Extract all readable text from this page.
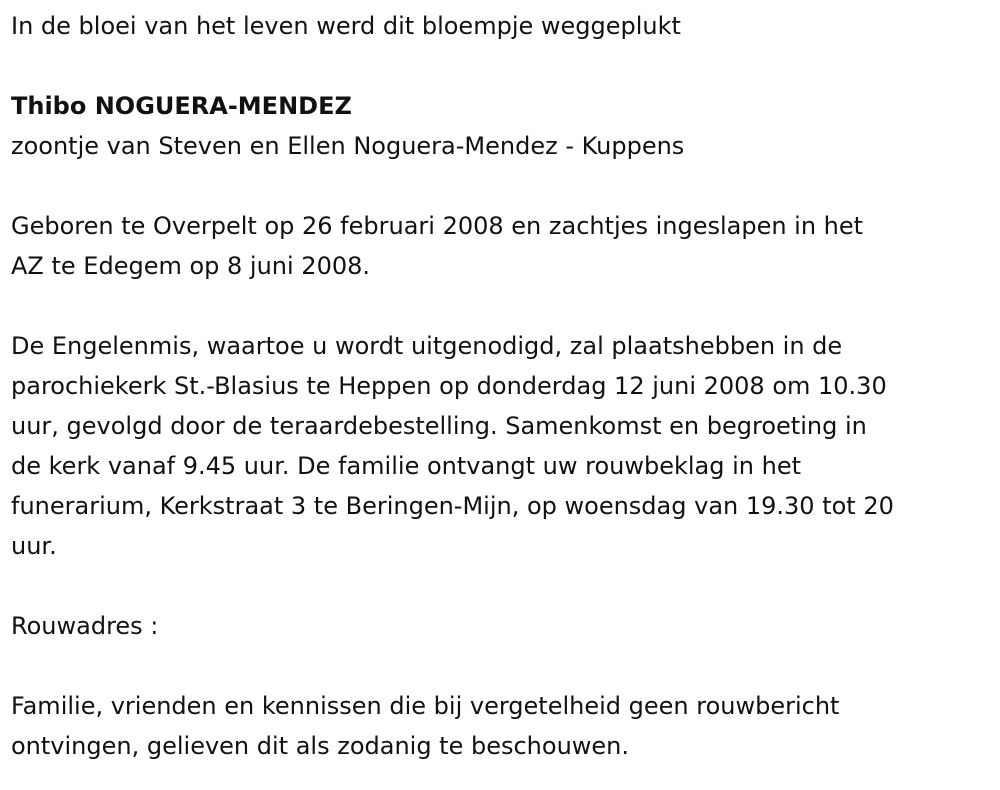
In de bloei van het leven werd dit bloempje weggeplukt

Thibo NOGUERA-MENDEZ

zoontje van Steven en Ellen Noguera-Mendez - Kuppens

Geboren te Overpelt op 26 februari 2008 en zachtjes ingeslapen in het

AZ te Edegem op 8 juni 2008.

De Engelenmis, waartoe u wordt uitgenodigd, zal plaatshebben in de

parochiekerk St.-Blasius te Heppen op donderdag 12 juni 2008 om 10.30

uur, gevolgd door de teraardebestelling. Samenkomst en begroeting in

de kerk vanaf 9.45 uur. De familie ontvangt uw rouwbeklag in het

funerarium, Kerkstraat 3 te Beringen-Mijn, op woensdag van 19.30 tot 20

uur.

Rouwadres :

Familie, vrienden en kennissen die bij vergetelheid geen rouwbericht

ontvingen, gelieven dit als zodanig te beschouwen.
